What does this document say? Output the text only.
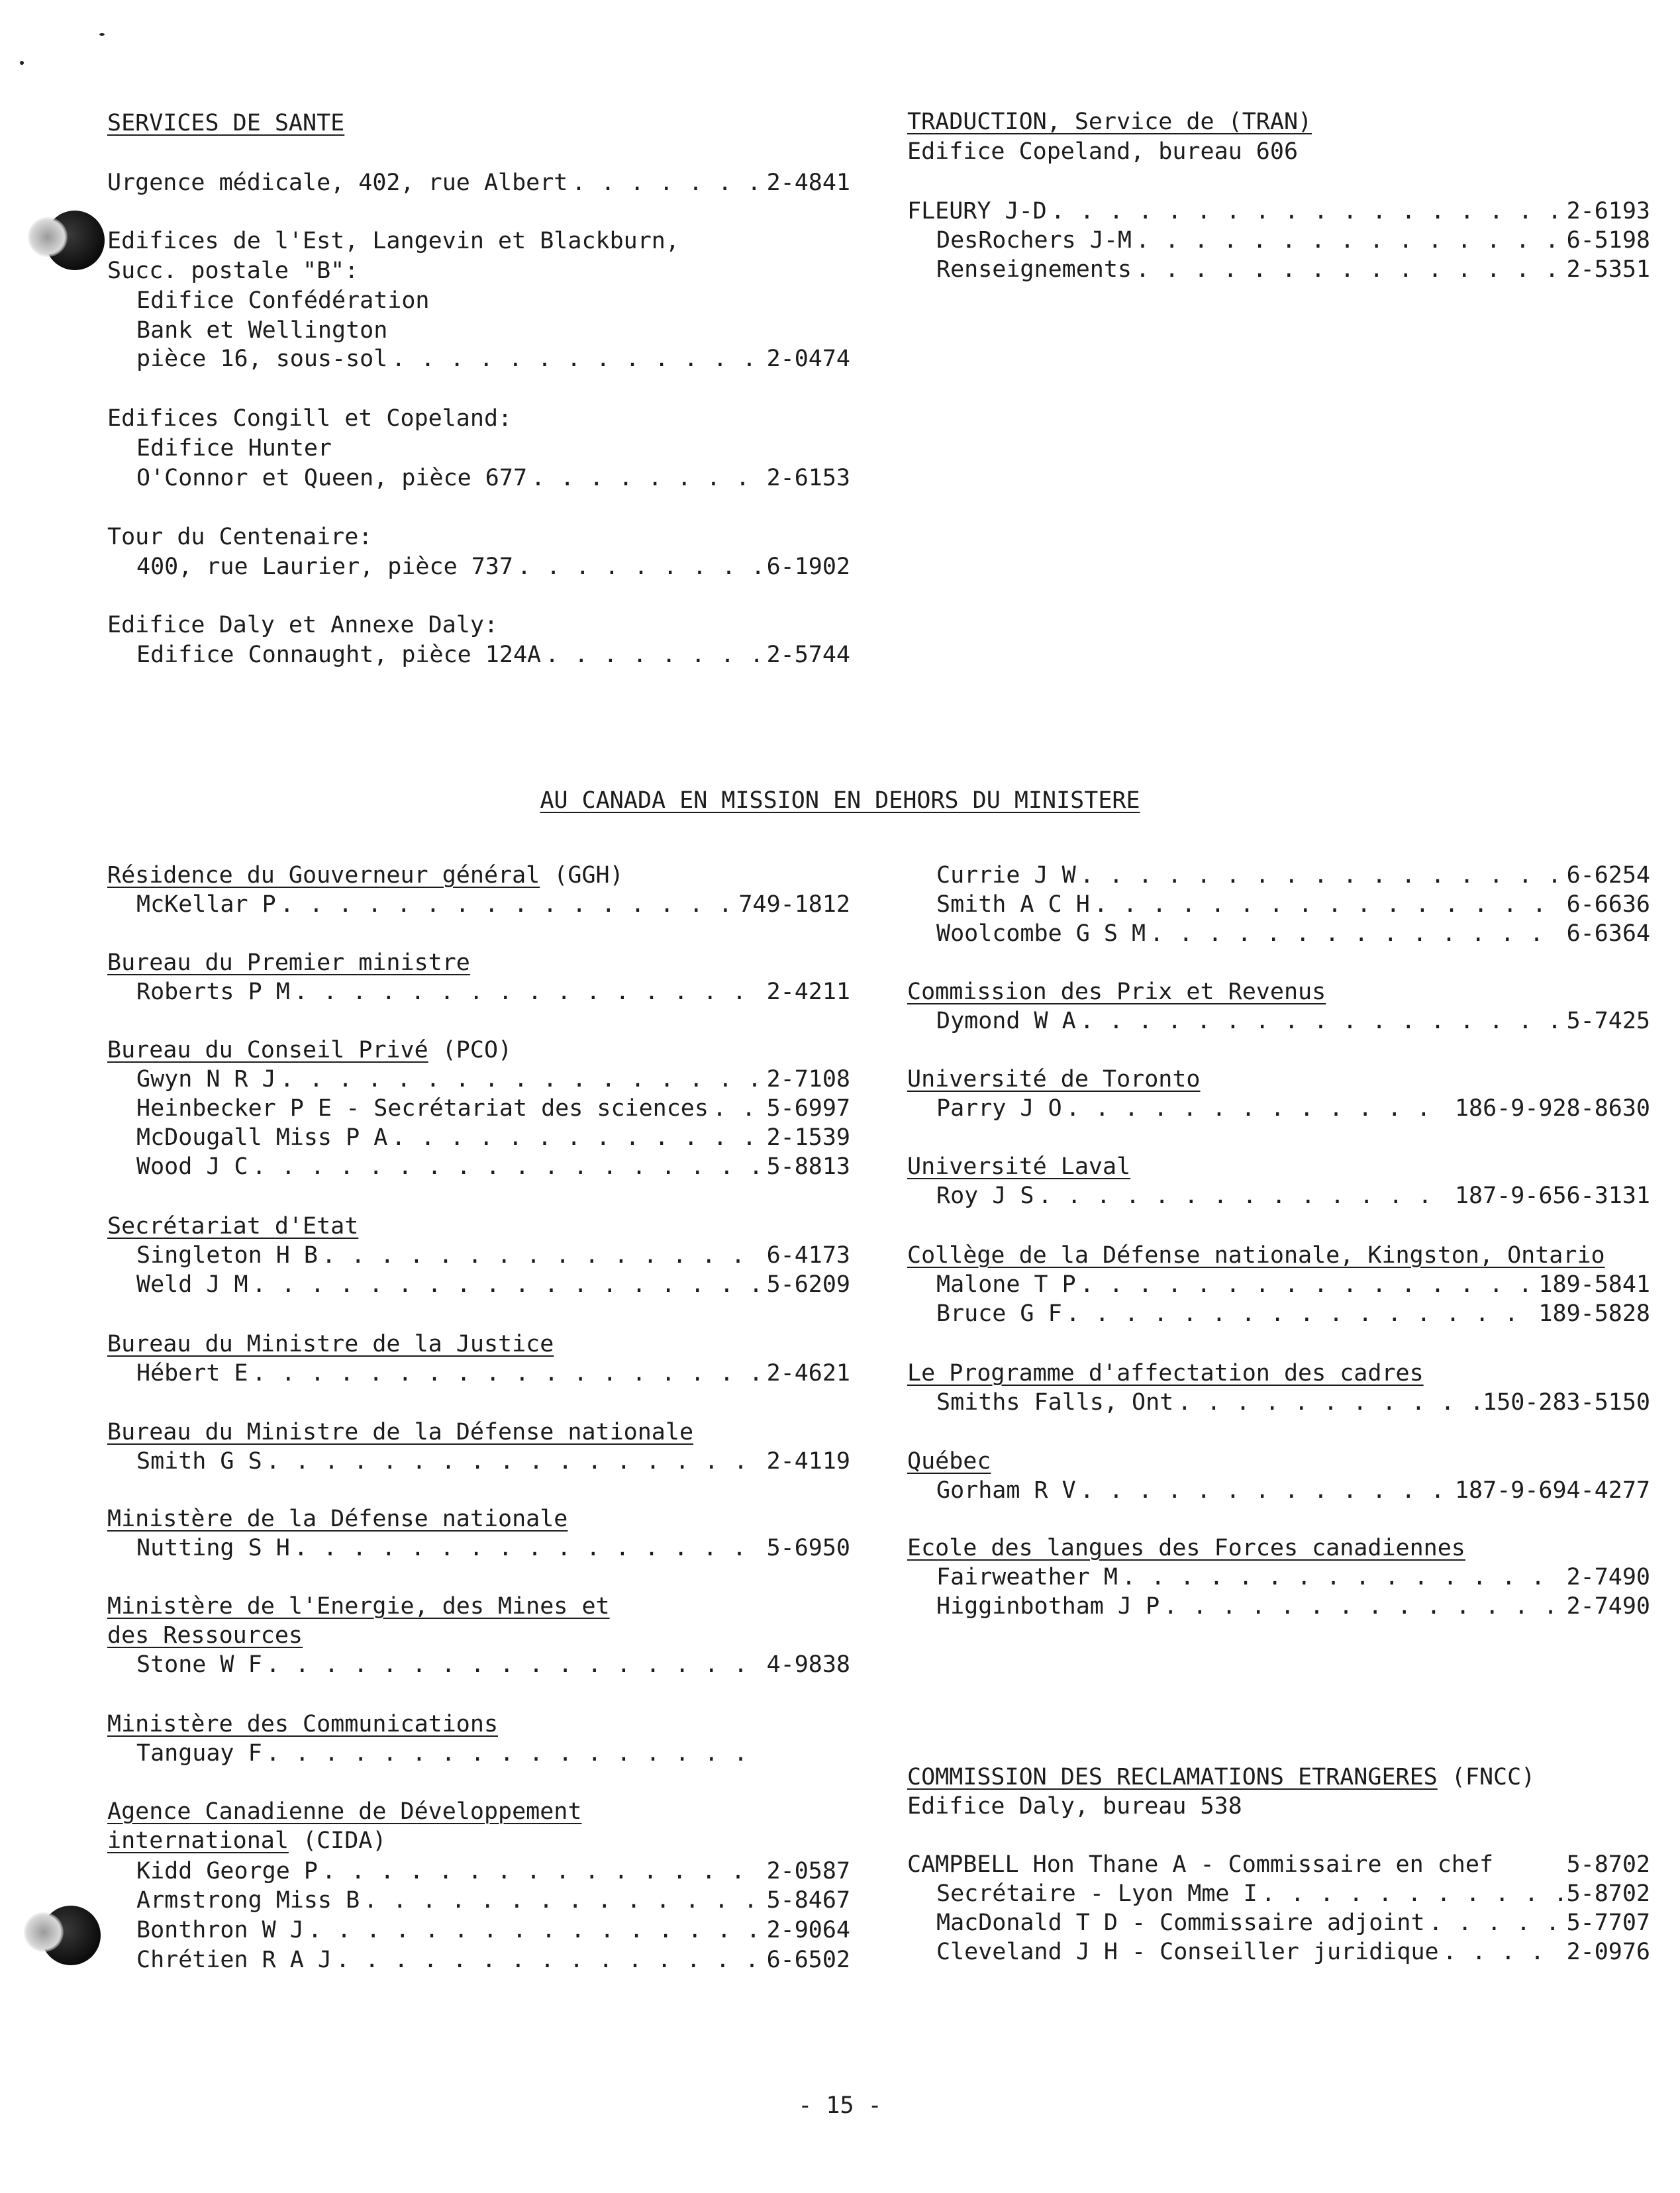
SERVICES DE SANTE
Urgence médicale, 402, rue Albert . . .	2-4841
Edifices de l'Est, Langevin et Blackburn,
Succ. postale "B":
Edifice Confédération
Bank et Wellington
pièce 16, sous-sol . . .	2-0474
Edifices Congill et Copeland:
Edifice Hunter
O'Connor et Queen, pièce 677 . . .	2-6153
Tour du Centenaire:
400, rue Laurier, pièce 737 . . .	6-1902
Edifice Daly et Annexe Daly:
Edifice Connaught, pièce 124A . . .	2-5744
TRADUCTION, Service de (TRAN)
Edifice Copeland, bureau 606
FLEURY J-D . . .	2-6193
DesRochers J-M . . .	6-5198
Renseignements . . .	2-5351
AU CANADA EN MISSION EN DEHORS DU MINISTERE
Résidence du Gouverneur général (GGH)
McKellar P . . .	749-1812
Bureau du Premier ministre
Roberts P M . . .	2-4211
Bureau du Conseil Privé (PCO)
Gwyn N R J . . .	2-7108
Heinbecker P E - Secrétariat des sciences . . .	5-6997
McDougall Miss P A . . .	2-1539
Wood J C . . .	5-8813
Secrétariat d'Etat
Singleton H B . . .	6-4173
Weld J M . . .	5-6209
Bureau du Ministre de la Justice
Hébert E . . .	2-4621
Bureau du Ministre de la Défense nationale
Smith G S . . .	2-4119
Ministère de la Défense nationale
Nutting S H . . .	5-6950
Ministère de l'Energie, des Mines et
des Ressources
Stone W F . . .	4-9838
Ministère des Communications
Tanguay F
. . .
Agence Canadienne de Développement
international (CIDA)
Kidd George P . . .	2-0587
Armstrong Miss B . . .	5-8467
Bonthron W J . . .	2-9064
Chrétien R A J . . .	6-6502
Currie J W . . .	6-6254
Smith A C H . . .	6-6636
Woolcombe G S M . . .	6-6364
Commission des Prix et Revenus
Dymond W A . . .	5-7425
Université de Toronto
Parry J O . . .	186-9-928-8630
Université Laval
Roy J S . . .	187-9-656-3131
Collège de la Défense nationale, Kingston, Ontario
Malone T P . . .	189-5841
Bruce G F . . .	189-5828
Le Programme d'affectation des cadres
Smiths Falls, Ont . . .	150-283-5150
Québec
Gorham R V . . .	187-9-694-4277
Ecole des langues des Forces canadiennes
Fairweather M . . .	2-7490
Higginbotham J P . . .	2-7490
COMMISSION DES RECLAMATIONS ETRANGERES (FNCC)
Edifice Daly, bureau 538
CAMPBELL Hon Thane A - Commissaire en chef	5-8702
Secrétaire - Lyon Mme I . . .	5-8702
MacDonald T D - Commissaire adjoint . . .	5-7707
Cleveland J H - Conseiller juridique . . .	2-0976
- 15 -
